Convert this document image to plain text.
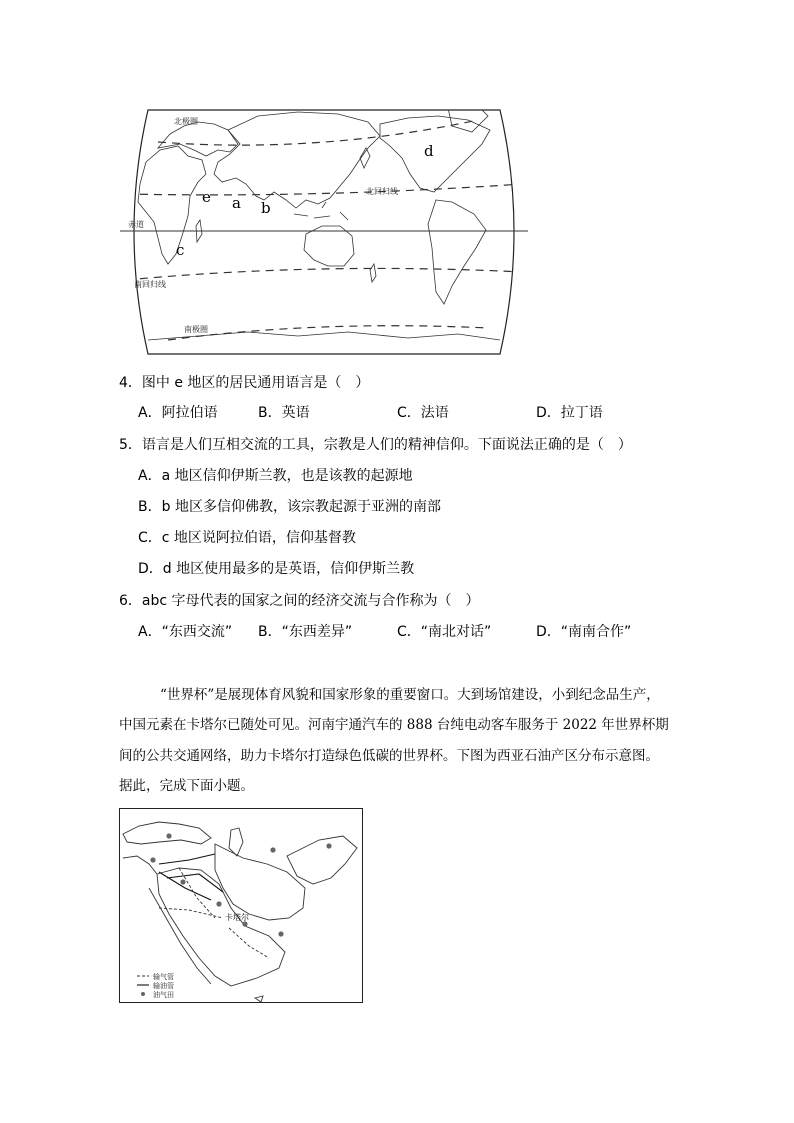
北极圈
北回归线
赤道
南回归线
南极圈
e a b
c
d
4．图中 e 地区的居民通用语言是（　）
A．阿拉伯语	B．英语	C．法语	D．拉丁语
5．语言是人们互相交流的工具，宗教是人们的精神信仰。下面说法正确的是（　）
A．a 地区信仰伊斯兰教，也是该教的起源地
B．b 地区多信仰佛教，该宗教起源于亚洲的南部
C．c 地区说阿拉伯语，信仰基督教
D．d 地区使用最多的是英语，信仰伊斯兰教
6．abc 字母代表的国家之间的经济交流与合作称为（　）
A．“东西交流” B．“东西差异”	C．“南北对话”	D．“南南合作”
“世界杯”是展现体育风貌和国家形象的重要窗口。大到场馆建设，小到纪念品生产，
中国元素在卡塔尔已随处可见。河南宇通汽车的 888 台纯电动客车服务于 2022 年世界杯期
间的公共交通网络，助力卡塔尔打造绿色低碳的世界杯。下图为西亚石油产区分布示意图。
据此，完成下面小题。
卡塔尔
输气管
输油管
油气田
